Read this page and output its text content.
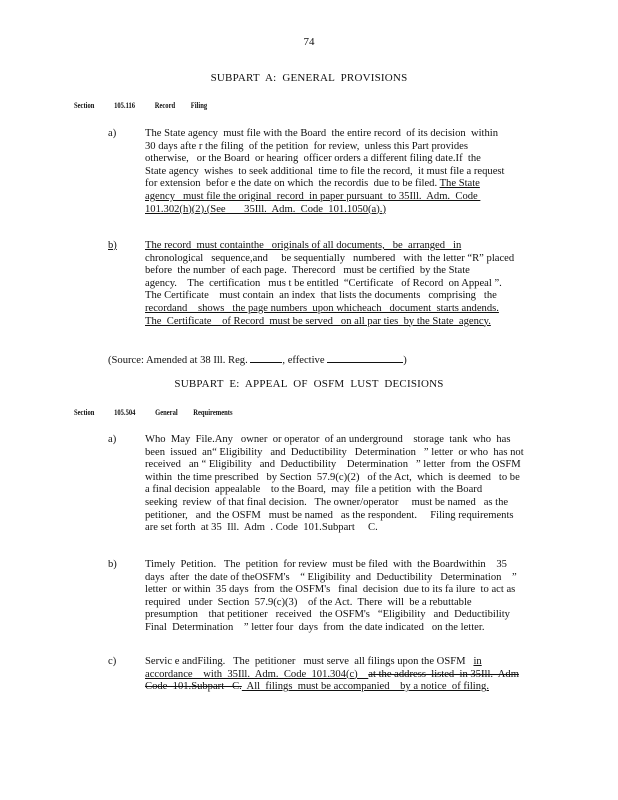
74
SUBPART A: GENERAL PROVISIONS
Section 105.116 Record Filing
a)	The State agency  must file with the Board  the entire record  of its decision  within
30 days afte r the filing  of the petition  for review,  unless this Part provides
otherwise,   or the Board  or hearing  officer orders a different filing date.If  the
State agency  wishes  to seek additional  time to file the record,  it must file a request
for extension  befor e the date on which  the recordis  due to be filed. The State
agency   must file the original  record  in paper pursuant  to 35Ill.  Adm.  Code
101.302(h)(2).(See       35Ill.  Adm.  Code  101.1050(a).)
b)	The record  must containthe   originals of all documents,   be  arranged   in
chronological   sequence,and     be sequentially   numbered   with  the letter “R” placed
before  the number  of each page.  Therecord   must be certified  by the State
agency.    The  certification   mus t be entitled  “Certificate   of Record  on Appeal ”.
The Certificate    must contain  an index  that lists the documents   comprising   the
recordand    shows   the page numbers  upon whicheach   document  starts andends.
The  Certificate    of Record  must be served   on all par ties  by the State  agency.
(Source: Amended at 38 Ill. Reg.	, effective	)
SUBPART E: APPEAL OF OSFM LUST DECISIONS
Section 105.504 General Requirements
a)	Who  May  File.Any   owner  or operator  of an underground    storage  tank  who  has
been  issued  an“ Eligibility   and  Deductibility   Determination   ” letter  or who  has not
received   an “ Eligibility   and  Deductibility    Determination   ” letter  from  the OSFM
within  the time prescribed   by Section  57.9(c)(2)   of the Act,  which  is deemed   to be
a final decision  appealable    to the Board,  may  file a petition  with  the Board
seeking  review  of that final decision.   The owner/operator     must be named   as the
petitioner,   and  the OSFM   must be named   as the respondent.     Filing requirements
are set forth  at 35  Ill.  Adm  . Code  101.Subpart     C.
b)	Timely  Petition.   The  petition  for review  must be filed  with  the Boardwithin    35
days  after  the date of theOSFM's    “ Eligibility  and  Deductibility   Determination    ”
letter  or within  35 days  from  the OSFM's   final  decision  due to its fa ilure  to act as
required   under  Section  57.9(c)(3)    of the Act.  There  will  be a rebuttable
presumption    that petitioner   received   the OSFM's   “Eligibility   and  Deductibility
Final  Determination    ” letter four  days  from  the date indicated   on the letter.
c)	Servic e andFiling.   The  petitioner   must serve  all filings upon the OSFM   in
accordance    with  35Ill.  Adm.  Code  101.304(c)    at the address  listed  in 35Ill.  Adm
Code  101.Subpart   C.  All  filings  must be accompanied    by a notice  of filing.
